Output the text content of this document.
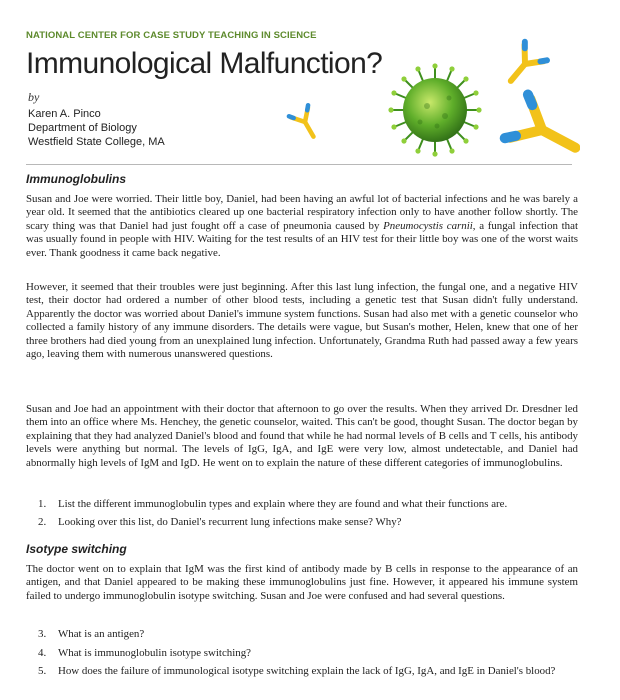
NATIONAL CENTER FOR CASE STUDY TEACHING IN SCIENCE
Immunological Malfunction?
by
Karen A. Pinco
Department of Biology
Westfield State College, MA
Immunoglobulins

Susan and Joe were worried. Their little boy, Daniel, had been having an awful lot of bacterial infections and he was barely a year old. It seemed that the antibiotics cleared up one bacterial respiratory infection only to have another follow shortly. The scary thing was that Daniel had just fought off a case of pneumonia caused by Pneumocystis carnii, a fungal infection that was usually found in people with HIV. Waiting for the test results of an HIV test for their little boy was one of the worst waits ever. Thank goodness it came back negative.

However, it seemed that their troubles were just beginning. After this last lung infection, the fungal one, and a negative HIV test, their doctor had ordered a number of other blood tests, including a genetic test that Susan didn't fully understand. Apparently the doctor was worried about Daniel's immune system functions. Susan had also met with a genetic counselor who collected a family history of any immune disorders. The details were vague, but Susan's mother, Helen, knew that one of her three brothers had died young from an unexplained lung infection. Unfortunately, Grandma Ruth had passed away a few years ago, leaving them with numerous unanswered questions.

Susan and Joe had an appointment with their doctor that afternoon to go over the results. When they arrived Dr. Dresdner led them into an office where Ms. Henchey, the genetic counselor, waited. This can't be good, thought Susan. The doctor began by explaining that they had analyzed Daniel's blood and found that while he had normal levels of B cells and T cells, his antibody levels were anything but normal. The levels of IgG, IgA, and IgE were very low, almost undetectable, and Daniel had abnormally high levels of IgM and IgD. He went on to explain the nature of these different categories of immunoglobulins.

1. List the different immunoglobulin types and explain where they are found and what their functions are.
2. Looking over this list, do Daniel's recurrent lung infections make sense? Why?
Isotype switching

The doctor went on to explain that IgM was the first kind of antibody made by B cells in response to the appearance of an antigen, and that Daniel appeared to be making these immunoglobulins just fine. However, it appeared his immune system failed to undergo immunoglobulin isotype switching. Susan and Joe were confused and had several questions.

3. What is an antigen?
4. What is immunoglobulin isotype switching?
5. How does the failure of immunological isotype switching explain the lack of IgG, IgA, and IgE in Daniel's blood?
